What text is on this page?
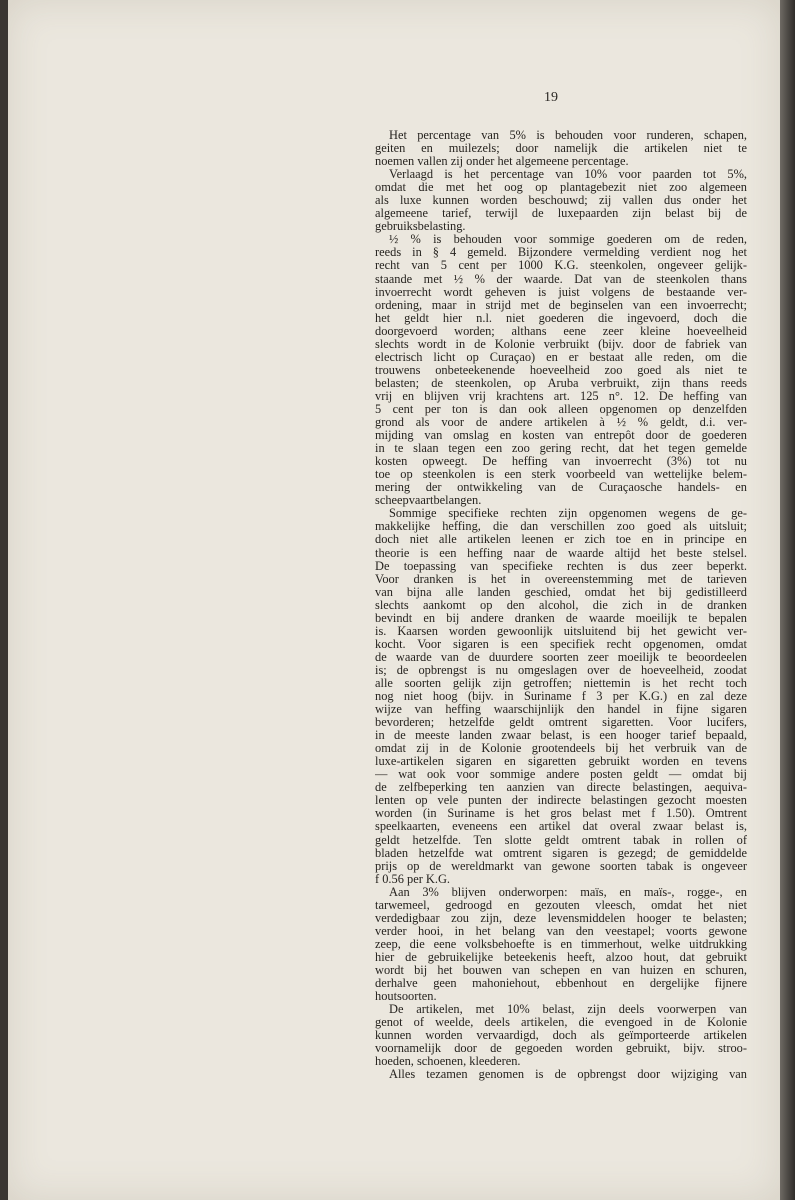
19
Het percentage van 5% is behouden voor runderen, schapen,
geiten en muilezels; door namelijk die artikelen niet te
noemen vallen zij onder het algemeene percentage.
Verlaagd is het percentage van 10% voor paarden tot 5%,
omdat die met het oog op plantagebezit niet zoo algemeen
als luxe kunnen worden beschouwd; zij vallen dus onder het
algemeene tarief, terwijl de luxepaarden zijn belast bij de
gebruiksbelasting.
½ % is behouden voor sommige goederen om de reden,
reeds in § 4 gemeld. Bijzondere vermelding verdient nog het
recht van 5 cent per 1000 K.G. steenkolen, ongeveer gelijk-
staande met ½ % der waarde. Dat van de steenkolen thans
invoerrecht wordt geheven is juist volgens de bestaande ver-
ordening, maar in strijd met de beginselen van een invoerrecht;
het geldt hier n.l. niet goederen die ingevoerd, doch die
doorgevoerd worden; althans eene zeer kleine hoeveelheid
slechts wordt in de Kolonie verbruikt (bijv. door de fabriek van
electrisch licht op Curaçao) en er bestaat alle reden, om die
trouwens onbeteekenende hoeveelheid zoo goed als niet te
belasten; de steenkolen, op Aruba verbruikt, zijn thans reeds
vrij en blijven vrij krachtens art. 125 n°. 12. De heffing van
5 cent per ton is dan ook alleen opgenomen op denzelfden
grond als voor de andere artikelen à ½ % geldt, d.i. ver-
mijding van omslag en kosten van entrepôt door de goederen
in te slaan tegen een zoo gering recht, dat het tegen gemelde
kosten opweegt. De heffing van invoerrecht (3%) tot nu
toe op steenkolen is een sterk voorbeeld van wettelijke belem-
mering der ontwikkeling van de Curaçaosche handels- en
scheepvaartbelangen.
Sommige specifieke rechten zijn opgenomen wegens de ge-
makkelijke heffing, die dan verschillen zoo goed als uitsluit;
doch niet alle artikelen leenen er zich toe en in principe en
theorie is een heffing naar de waarde altijd het beste stelsel.
De toepassing van specifieke rechten is dus zeer beperkt.
Voor dranken is het in overeenstemming met de tarieven
van bijna alle landen geschied, omdat het bij gedistilleerd
slechts aankomt op den alcohol, die zich in de dranken
bevindt en bij andere dranken de waarde moeilijk te bepalen
is. Kaarsen worden gewoonlijk uitsluitend bij het gewicht ver-
kocht. Voor sigaren is een specifiek recht opgenomen, omdat
de waarde van de duurdere soorten zeer moeilijk te beoordeelen
is; de opbrengst is nu omgeslagen over de hoeveelheid, zoodat
alle soorten gelijk zijn getroffen; niettemin is het recht toch
nog niet hoog (bijv. in Suriname f 3 per K.G.) en zal deze
wijze van heffing waarschijnlijk den handel in fijne sigaren
bevorderen; hetzelfde geldt omtrent sigaretten. Voor lucifers,
in de meeste landen zwaar belast, is een hooger tarief bepaald,
omdat zij in de Kolonie grootendeels bij het verbruik van de
luxe-artikelen sigaren en sigaretten gebruikt worden en tevens
— wat ook voor sommige andere posten geldt — omdat bij
de zelfbeperking ten aanzien van directe belastingen, aequiva-
lenten op vele punten der indirecte belastingen gezocht moesten
worden (in Suriname is het gros belast met f 1.50). Omtrent
speelkaarten, eveneens een artikel dat overal zwaar belast is,
geldt hetzelfde. Ten slotte geldt omtrent tabak in rollen of
bladen hetzelfde wat omtrent sigaren is gezegd; de gemiddelde
prijs op de wereldmarkt van gewone soorten tabak is ongeveer
f 0.56 per K.G.
Aan 3% blijven onderworpen: maïs, en maïs-, rogge-, en
tarwemeel, gedroogd en gezouten vleesch, omdat het niet
verdedigbaar zou zijn, deze levensmiddelen hooger te belasten;
verder hooi, in het belang van den veestapel; voorts gewone
zeep, die eene volksbehoefte is en timmerhout, welke uitdrukking
hier de gebruikelijke beteekenis heeft, alzoo hout, dat gebruikt
wordt bij het bouwen van schepen en van huizen en schuren,
derhalve geen mahoniehout, ebbenhout en dergelijke fijnere
houtsoorten.
De artikelen, met 10% belast, zijn deels voorwerpen van
genot of weelde, deels artikelen, die evengoed in de Kolonie
kunnen worden vervaardigd, doch als geïmporteerde artikelen
voornamelijk door de gegoeden worden gebruikt, bijv. stroo-
hoeden, schoenen, kleederen.
Alles tezamen genomen is de opbrengst door wijziging van
